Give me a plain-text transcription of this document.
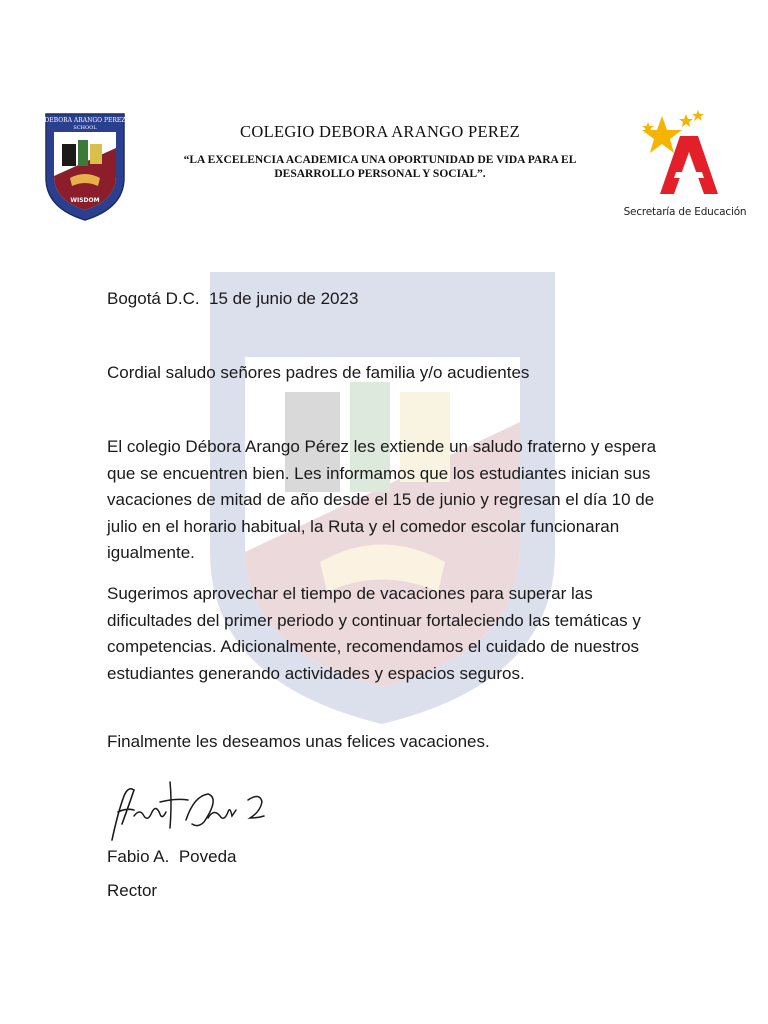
DEBORA ARANGO PEREZ
SCHOOL
WISDOM
COLEGIO DEBORA ARANGO PEREZ
“LA EXCELENCIA ACADEMICA UNA OPORTUNIDAD DE VIDA PARA EL
DESARROLLO PERSONAL Y SOCIAL”.
Secretaría de Educación

Bogotá D.C.  15 de junio de 2023

Cordial saludo señores padres de familia y/o acudientes

El colegio Débora Arango Pérez les extiende un saludo fraterno y espera que se encuentren bien. Les informamos que los estudiantes inician sus vacaciones de mitad de año desde el 15 de junio y regresan el día 10 de julio en el horario habitual, la Ruta y el comedor escolar funcionaran igualmente.

Sugerimos aprovechar el tiempo de vacaciones para superar las dificultades del primer periodo y continuar fortaleciendo las temáticas y competencias. Adicionalmente, recomendamos el cuidado de nuestros estudiantes generando actividades y espacios seguros.

Finalmente les deseamos unas felices vacaciones.

Fabio A.  Poveda

Rector
